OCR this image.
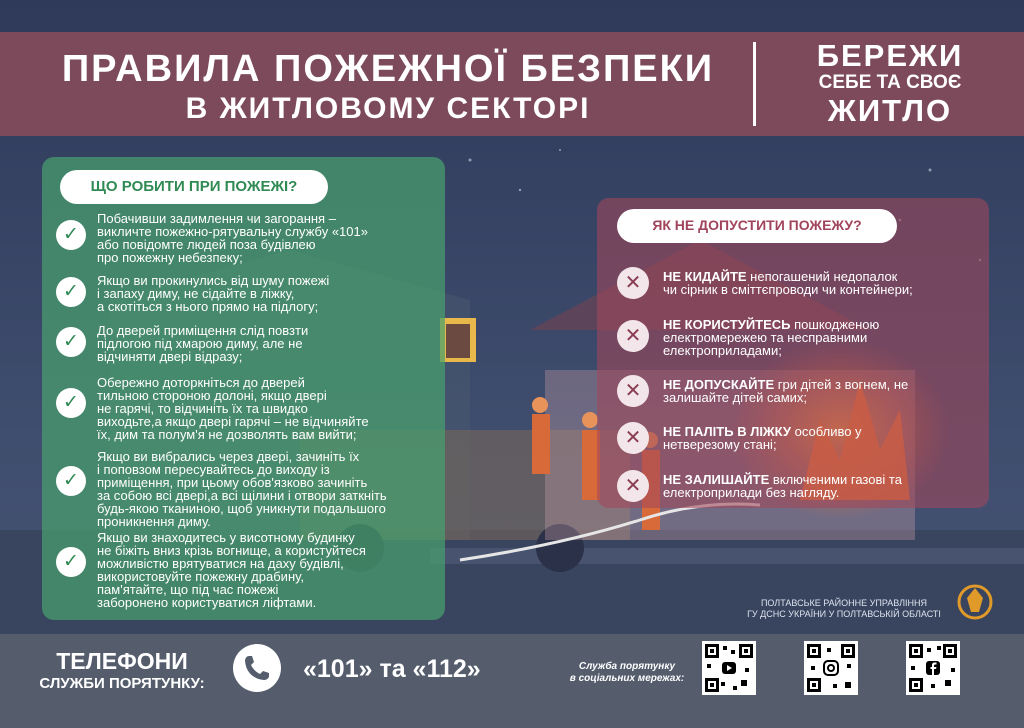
ПРАВИЛА ПОЖЕЖНОЇ БЕЗПЕКИ
В ЖИТЛОВОМУ СЕКТОРІ
БЕРЕЖИ
СЕБЕ ТА СВОЄ
ЖИТЛО
ЩО РОБИТИ ПРИ ПОЖЕЖІ?
✓
Побачивши задимлення чи загорання –
викличте пожежно-рятувальну службу «101»
або повідомте людей поза будівлею
про пожежну небезпеку;
✓
Якщо ви прокинулись від шуму пожежі
і запаху диму, не сідайте в ліжку,
а скотіться з нього прямо на підлогу;
✓
До дверей приміщення слід повзти
підлогою під хмарою диму, але не
відчиняти двері відразу;
✓
Обережно доторкніться до дверей
тильною стороною долоні, якщо двері
не гарячі, то відчиніть їх та швидко
виходьте,а якщо двері гарячі – не відчиняйте
їх, дим та полум'я не дозволять вам вийти;
✓
Якщо ви вибрались через двері, зачиніть їх
і поповзом пересувайтесь до виходу із
приміщення, при цьому обов'язково зачиніть
за собою всі двері,а всі щілини і отвори заткніть
будь-якою тканиною, щоб уникнути подальшого
проникнення диму.
✓
Якщо ви знаходитесь у висотному будинку
не біжіть вниз крізь вогнище, а користуйтеся
можливістю врятуватися на даху будівлі,
використовуйте пожежну драбину,
пам'ятайте, що під час пожежі
заборонено користуватися ліфтами.
ЯК НЕ ДОПУСТИТИ ПОЖЕЖУ?
✕	НЕ КИДАЙТЕ непогашений недопалок
чи сірник в сміттєпроводи чи контейнери;
✕
НЕ КОРИСТУЙТЕСЬ пошкодженою
електромережею та несправними
електроприладами;
✕	НЕ ДОПУСКАЙТЕ гри дітей з вогнем, не
залишайте дітей самих;
✕	НЕ ПАЛІТЬ В ЛІЖКУ особливо у
нетверезому стані;
✕	НЕ ЗАЛИШАЙТЕ включеними газові та
електроприлади без нагляду.
ПОЛТАВСЬКЕ РАЙОННЕ УПРАВЛІННЯ
ГУ ДСНС УКРАЇНИ У ПОЛТАВСЬКІЙ ОБЛАСТІ
ТЕЛЕФОНИ
СЛУЖБИ ПОРЯТУНКУ:
«101» та «112»	Служба порятунку
в соціальних мережах:
